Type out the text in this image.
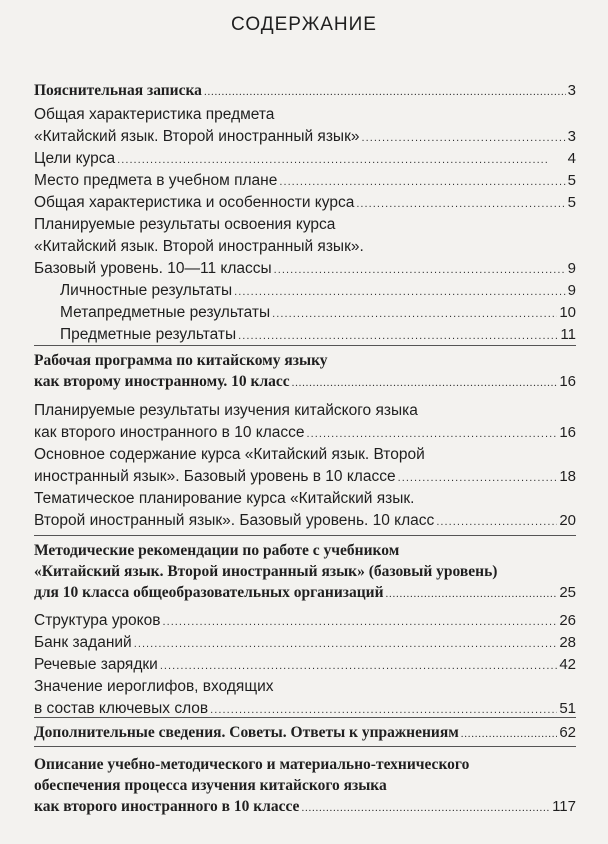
СОДЕРЖАНИЕ
Пояснительная записка . . .	3
Общая характеристика предмета
«Китайский язык. Второй иностранный язык» . . .	3
Цели курса . . .	4
Место предмета в учебном плане . . .	5
Общая характеристика и особенности курса . . .	5
Планируемые результаты освоения курса
«Китайский язык. Второй иностранный язык».
Базовый уровень. 10—11 классы . . .	9
Личностные результаты . . .	9
Метапредметные результаты . . .	10
Предметные результаты . . .	11
Рабочая программа по китайскому языку
как второму иностранному. 10 класс . . .	16
Планируемые результаты изучения китайского языка
как второго иностранного в 10 классе . . .	16
Основное содержание курса «Китайский язык. Второй
иностранный язык». Базовый уровень в 10 классе . . .	18
Тематическое планирование курса «Китайский язык.
Второй иностранный язык». Базовый уровень. 10 класс . . .	20
Методические рекомендации по работе с учебником
«Китайский язык. Второй иностранный язык» (базовый уровень)
для 10 класса общеобразовательных организаций . . .	25
Структура уроков . . .	26
Банк заданий . . .	28
Речевые зарядки . . .	42
Значение иероглифов, входящих
в состав ключевых слов . . .	51
Дополнительные сведения. Советы. Ответы к упражнениям . . .	62
Описание учебно-методического и материально-технического
обеспечения процесса изучения китайского языка
как второго иностранного в 10 классе . . .	117
